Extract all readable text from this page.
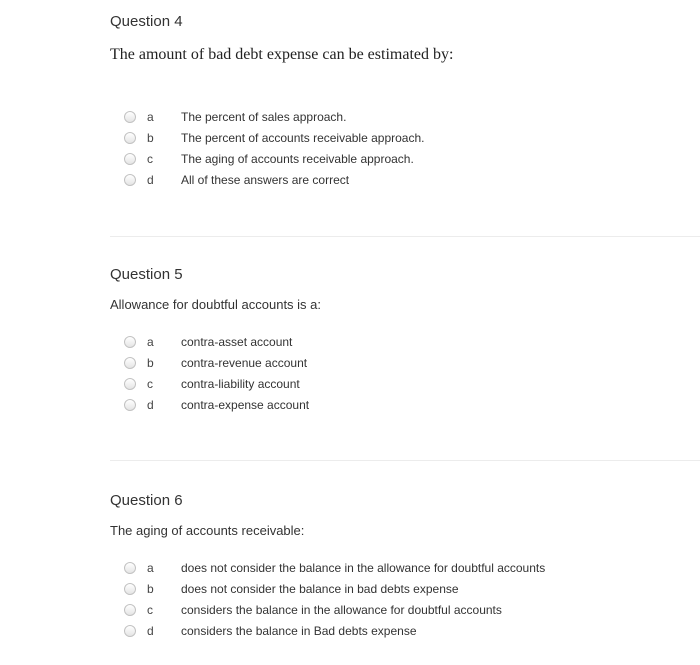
Question 4
The amount of bad debt expense can be estimated by:
a The percent of sales approach.
b The percent of accounts receivable approach.
c The aging of accounts receivable approach.
d All of these answers are correct
Question 5
Allowance for doubtful accounts is a:
a contra-asset account
b contra-revenue account
c contra-liability account
d contra-expense account
Question 6
The aging of accounts receivable:
a does not consider the balance in the allowance for doubtful accounts
b does not consider the balance in bad debts expense
c considers the balance in the allowance for doubtful accounts
d considers the balance in Bad debts expense
